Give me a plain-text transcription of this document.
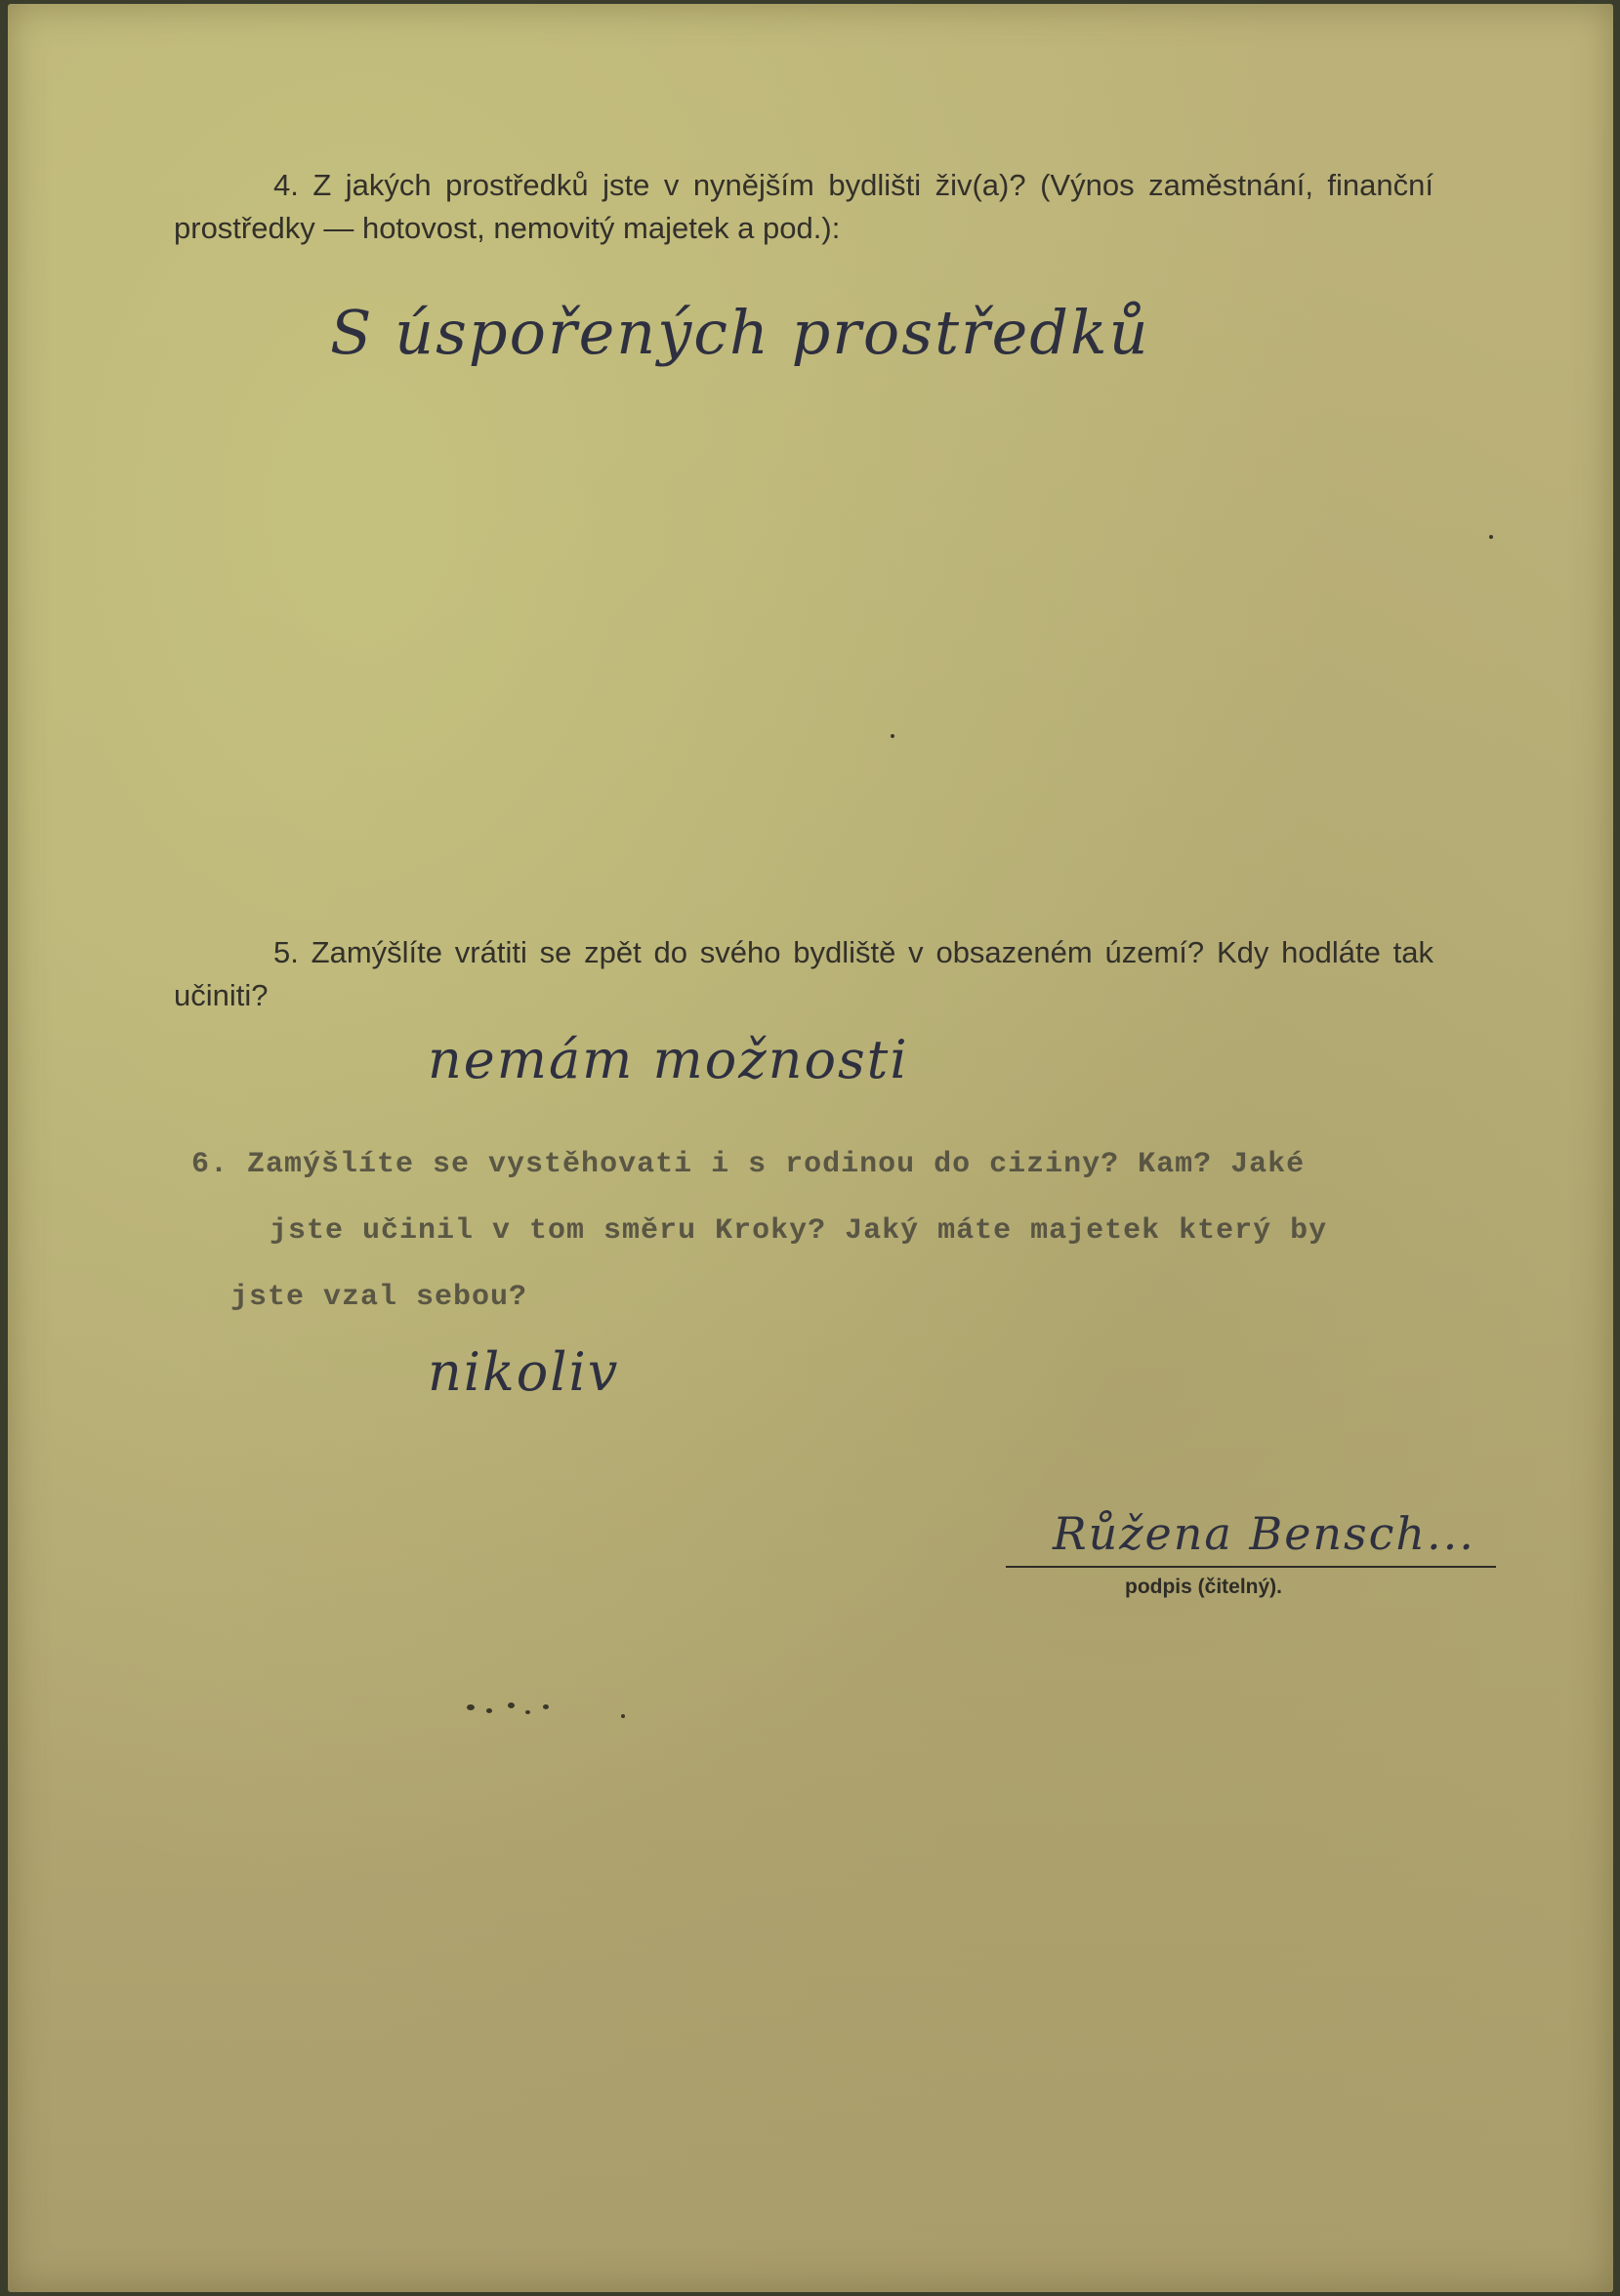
4. Z jakých prostředků jste v nynějším bydlišti živ(a)? (Výnos zaměstnání, finanční prostředky — hotovost, nemovitý majetek a pod.):
S úspořených prostředků
5. Zamýšlíte vrátiti se zpět do svého bydliště v obsazeném území? Kdy hodláte tak učiniti?
nemám možnosti
6. Zamýšlíte se vystěhovati i s rodinou do ciziny? Kam? Jaké
jste učinil v tom směru Kroky? Jaký máte majetek který by
jste vzal sebou?
nikoliv
Růžena Bensch...
podpis (čitelný).
